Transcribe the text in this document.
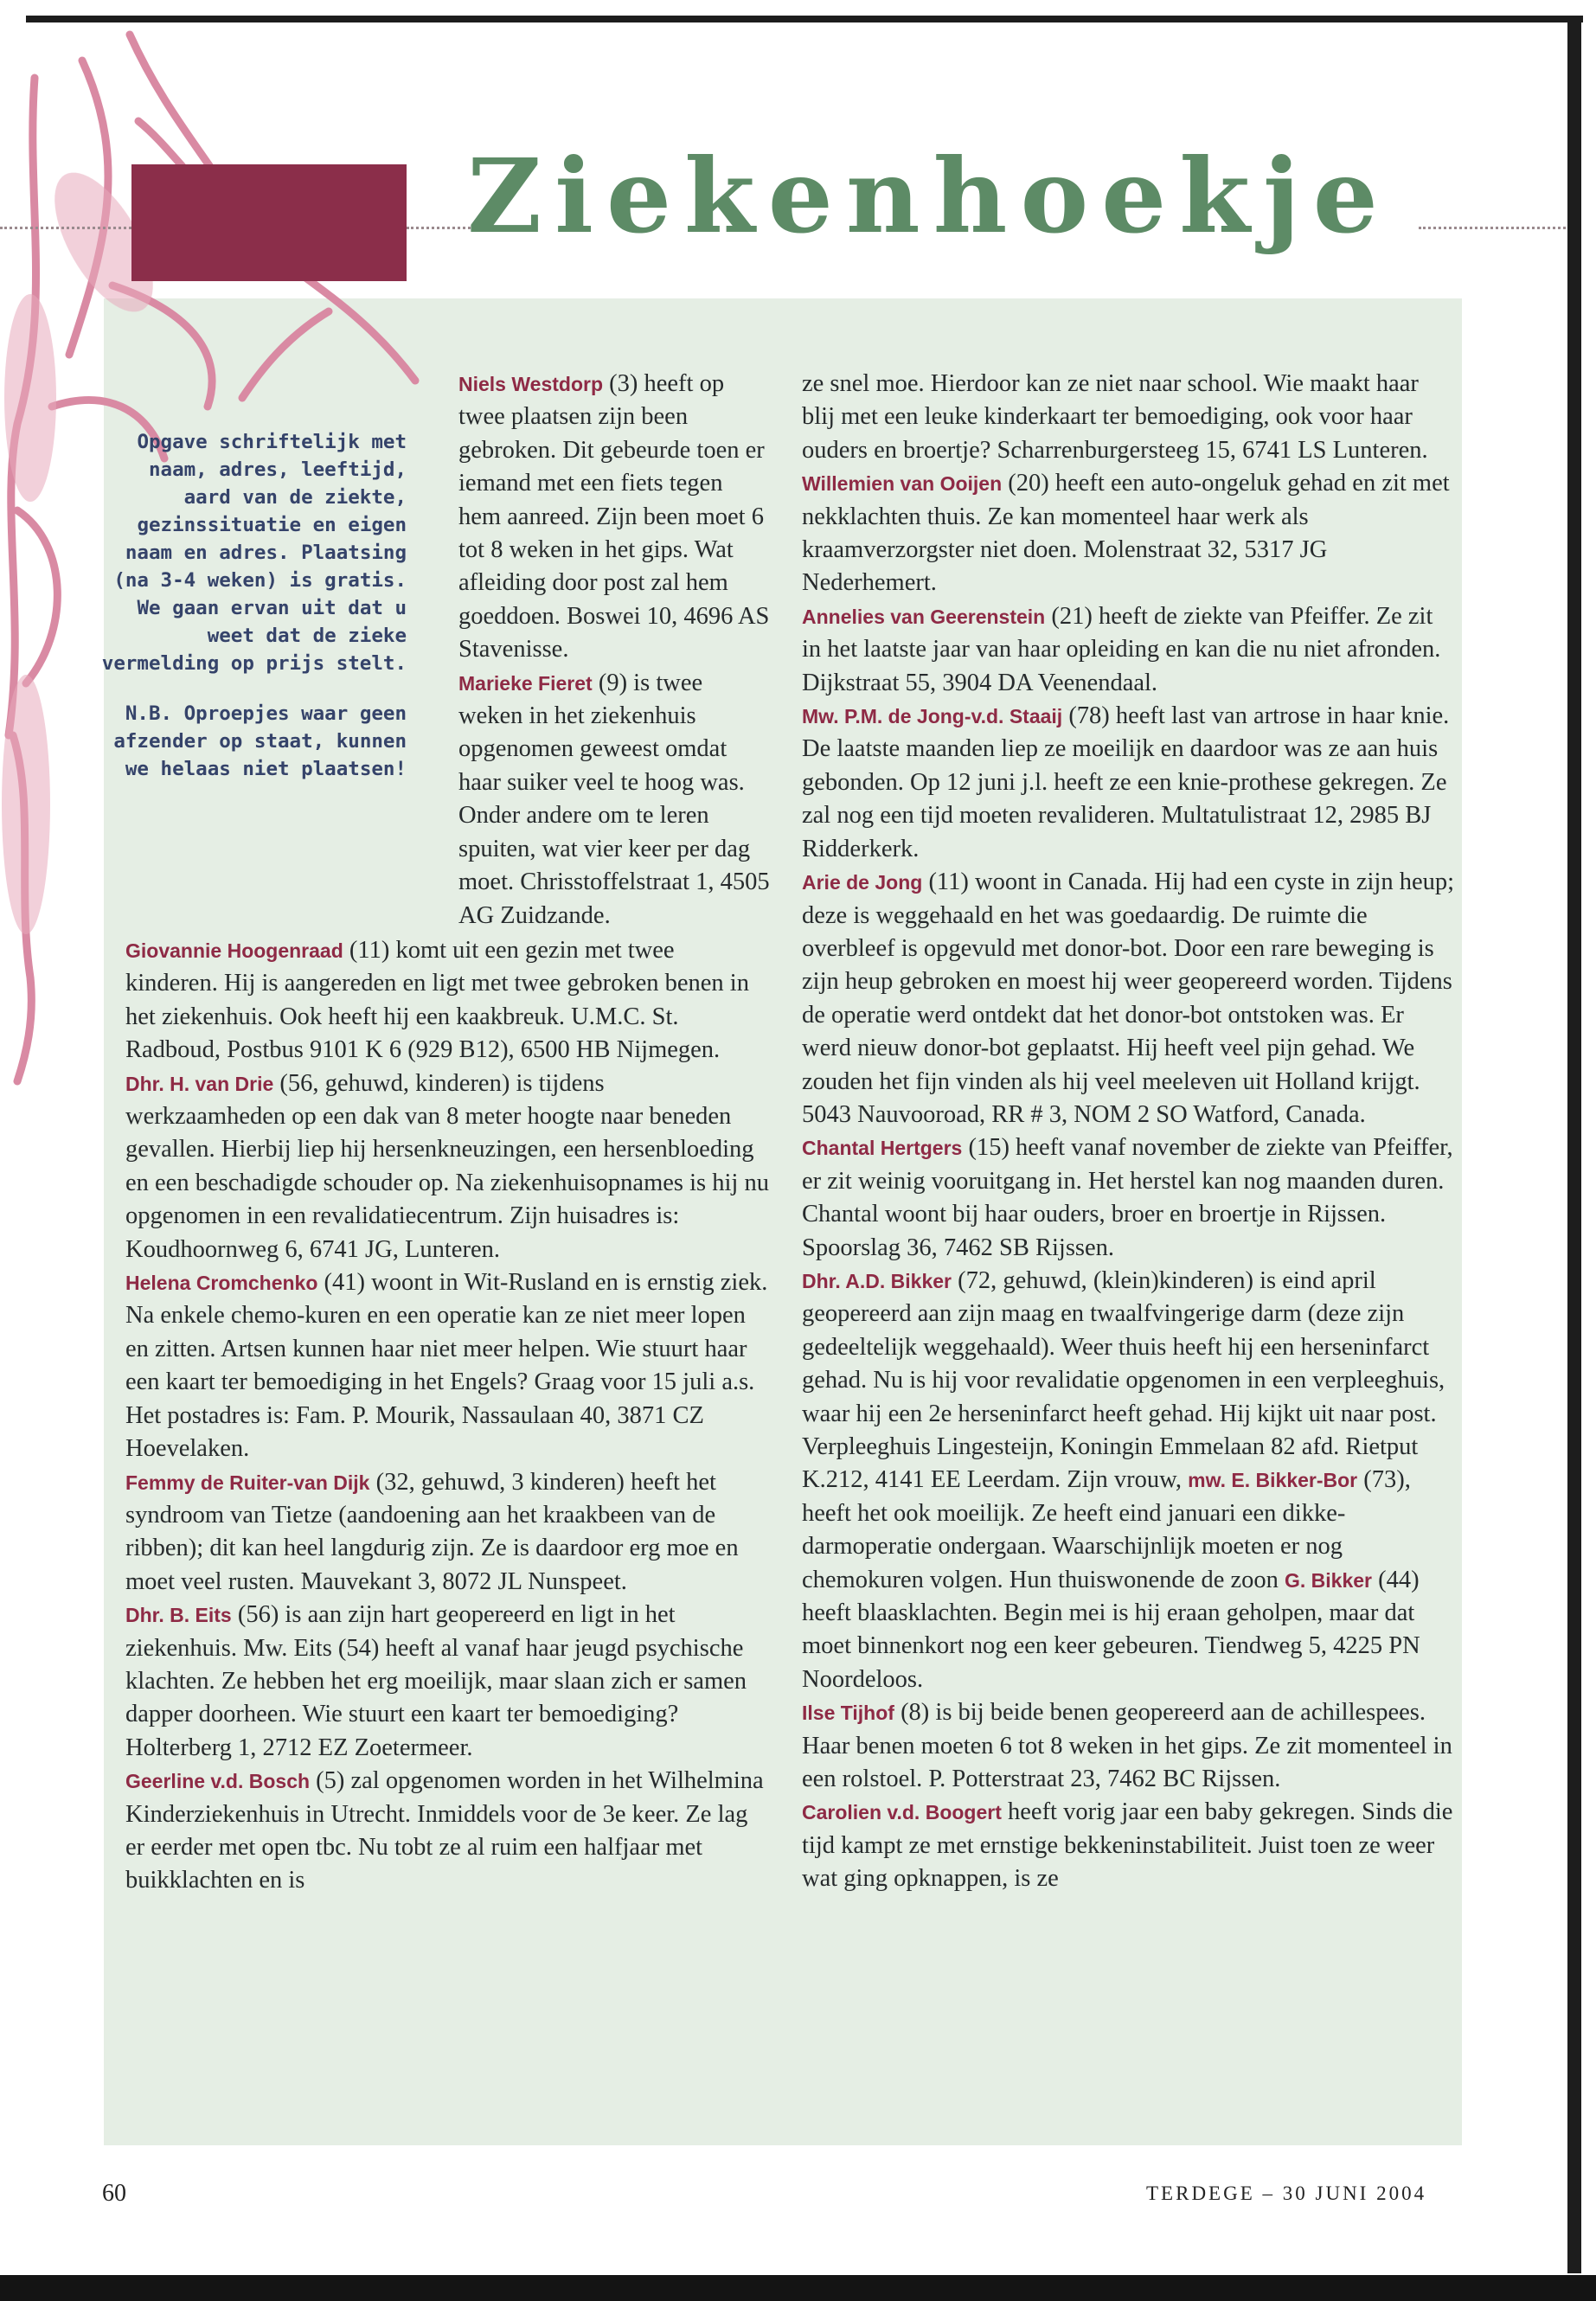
Ziekenhoekje

Opgave schriftelijk met naam, adres, leeftijd, aard van de ziekte, gezinssituatie en eigen naam en adres. Plaatsing (na 3-4 weken) is gratis. We gaan ervan uit dat u weet dat de zieke vermelding op prijs stelt.

N.B. Oproepjes waar geen afzender op staat, kunnen we helaas niet plaatsen!

Niels Westdorp (3) heeft op twee plaatsen zijn been gebroken. Dit gebeurde toen er iemand met een fiets tegen hem aanreed. Zijn been moet 6 tot 8 weken in het gips. Wat afleiding door post zal hem goeddoen. Boswei 10, 4696 AS Stavenisse.

Marieke Fieret (9) is twee weken in het ziekenhuis opgenomen geweest omdat haar suiker veel te hoog was. Onder andere om te leren spuiten, wat vier keer per dag moet. Chrisstoffelstraat 1, 4505 AG Zuidzande.

Giovannie Hoogenraad (11) komt uit een gezin met twee kinderen. Hij is aangereden en ligt met twee gebroken benen in het ziekenhuis. Ook heeft hij een kaakbreuk. U.M.C. St. Radboud, Postbus 9101 K 6 (929 B12), 6500 HB Nijmegen.

Dhr. H. van Drie (56, gehuwd, kinderen) is tijdens werkzaamheden op een dak van 8 meter hoogte naar beneden gevallen. Hierbij liep hij hersenkneuzingen, een hersenbloeding en een beschadigde schouder op. Na ziekenhuisopnames is hij nu opgenomen in een revalidatiecentrum. Zijn huisadres is: Koudhoornweg 6, 6741 JG, Lunteren.

Helena Cromchenko (41) woont in Wit-Rusland en is ernstig ziek. Na enkele chemo-kuren en een operatie kan ze niet meer lopen en zitten. Artsen kunnen haar niet meer helpen. Wie stuurt haar een kaart ter bemoediging in het Engels? Graag voor 15 juli a.s. Het postadres is: Fam. P. Mourik, Nassaulaan 40, 3871 CZ Hoevelaken.

Femmy de Ruiter-van Dijk (32, gehuwd, 3 kinderen) heeft het syndroom van Tietze (aandoening aan het kraakbeen van de ribben); dit kan heel langdurig zijn. Ze is daardoor erg moe en moet veel rusten. Mauvekant 3, 8072 JL Nunspeet.

Dhr. B. Eits (56) is aan zijn hart geopereerd en ligt in het ziekenhuis. Mw. Eits (54) heeft al vanaf haar jeugd psychische klachten. Ze hebben het erg moeilijk, maar slaan zich er samen dapper doorheen. Wie stuurt een kaart ter bemoediging? Holterberg 1, 2712 EZ Zoetermeer.

Geerline v.d. Bosch (5) zal opgenomen worden in het Wilhelmina Kinderziekenhuis in Utrecht. Inmiddels voor de 3e keer. Ze lag er eerder met open tbc. Nu tobt ze al ruim een halfjaar met buikklachten en is

ze snel moe. Hierdoor kan ze niet naar school. Wie maakt haar blij met een leuke kinderkaart ter bemoediging, ook voor haar ouders en broertje? Scharrenburgersteeg 15, 6741 LS Lunteren.

Willemien van Ooijen (20) heeft een auto-ongeluk gehad en zit met nekklachten thuis. Ze kan momenteel haar werk als kraamverzorgster niet doen. Molenstraat 32, 5317 JG Nederhemert.

Annelies van Geerenstein (21) heeft de ziekte van Pfeiffer. Ze zit in het laatste jaar van haar opleiding en kan die nu niet afronden. Dijkstraat 55, 3904 DA Veenendaal.

Mw. P.M. de Jong-v.d. Staaij (78) heeft last van artrose in haar knie. De laatste maanden liep ze moeilijk en daardoor was ze aan huis gebonden. Op 12 juni j.l. heeft ze een knie-prothese gekregen. Ze zal nog een tijd moeten revalideren. Multatulistraat 12, 2985 BJ Ridderkerk.

Arie de Jong (11) woont in Canada. Hij had een cyste in zijn heup; deze is weggehaald en het was goedaardig. De ruimte die overbleef is opgevuld met donor-bot. Door een rare beweging is zijn heup gebroken en moest hij weer geopereerd worden. Tijdens de operatie werd ontdekt dat het donor-bot ontstoken was. Er werd nieuw donor-bot geplaatst. Hij heeft veel pijn gehad. We zouden het fijn vinden als hij veel meeleven uit Holland krijgt. 5043 Nauvooroad, RR # 3, NOM 2 SO Watford, Canada.

Chantal Hertgers (15) heeft vanaf november de ziekte van Pfeiffer, er zit weinig vooruitgang in. Het herstel kan nog maanden duren. Chantal woont bij haar ouders, broer en broertje in Rijssen. Spoorslag 36, 7462 SB Rijssen.

Dhr. A.D. Bikker (72, gehuwd, (klein)kinderen) is eind april geopereerd aan zijn maag en twaalfvingerige darm (deze zijn gedeeltelijk weggehaald). Weer thuis heeft hij een herseninfarct gehad. Nu is hij voor revalidatie opgenomen in een verpleeghuis, waar hij een 2e herseninfarct heeft gehad. Hij kijkt uit naar post. Verpleeghuis Lingesteijn, Koningin Emmelaan 82 afd. Rietput K.212, 4141 EE Leerdam. Zijn vrouw, mw. E. Bikker-Bor (73), heeft het ook moeilijk. Ze heeft eind januari een dikke-darmoperatie ondergaan. Waarschijnlijk moeten er nog chemokuren volgen. Hun thuiswonende de zoon G. Bikker (44) heeft blaasklachten. Begin mei is hij eraan geholpen, maar dat moet binnenkort nog een keer gebeuren. Tiendweg 5, 4225 PN Noordeloos.

Ilse Tijhof (8) is bij beide benen geopereerd aan de achillespees. Haar benen moeten 6 tot 8 weken in het gips. Ze zit momenteel in een rolstoel. P. Potterstraat 23, 7462 BC Rijssen.

Carolien v.d. Boogert heeft vorig jaar een baby gekregen. Sinds die tijd kampt ze met ernstige bekkeninstabiliteit. Juist toen ze weer wat ging opknappen, is ze

60	TERDEGE – 30 JUNI 2004
